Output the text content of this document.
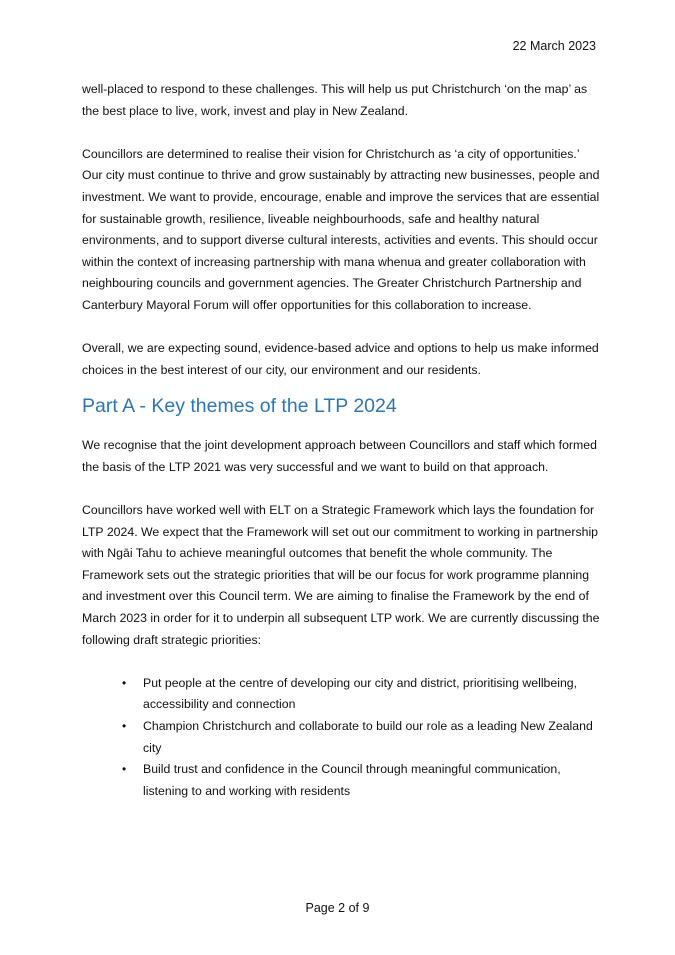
22 March 2023

well-placed to respond to these challenges. This will help us put Christchurch ‘on the map’ as the best place to live, work, invest and play in New Zealand.

Councillors are determined to realise their vision for Christchurch as ‘a city of opportunities.’ Our city must continue to thrive and grow sustainably by attracting new businesses, people and investment. We want to provide, encourage, enable and improve the services that are essential for sustainable growth, resilience, liveable neighbourhoods, safe and healthy natural environments, and to support diverse cultural interests, activities and events. This should occur within the context of increasing partnership with mana whenua and greater collaboration with neighbouring councils and government agencies. The Greater Christchurch Partnership and Canterbury Mayoral Forum will offer opportunities for this collaboration to increase.

Overall, we are expecting sound, evidence-based advice and options to help us make informed choices in the best interest of our city, our environment and our residents.

Part A - Key themes of the LTP 2024

We recognise that the joint development approach between Councillors and staff which formed the basis of the LTP 2021 was very successful and we want to build on that approach.

Councillors have worked well with ELT on a Strategic Framework which lays the foundation for LTP 2024. We expect that the Framework will set out our commitment to working in partnership with Ngāi Tahu to achieve meaningful outcomes that benefit the whole community. The Framework sets out the strategic priorities that will be our focus for work programme planning and investment over this Council term. We are aiming to finalise the Framework by the end of March 2023 in order for it to underpin all subsequent LTP work. We are currently discussing the following draft strategic priorities:

• Put people at the centre of developing our city and district, prioritising wellbeing, accessibility and connection
• Champion Christchurch and collaborate to build our role as a leading New Zealand city
• Build trust and confidence in the Council through meaningful communication, listening to and working with residents
Page 2 of 9
